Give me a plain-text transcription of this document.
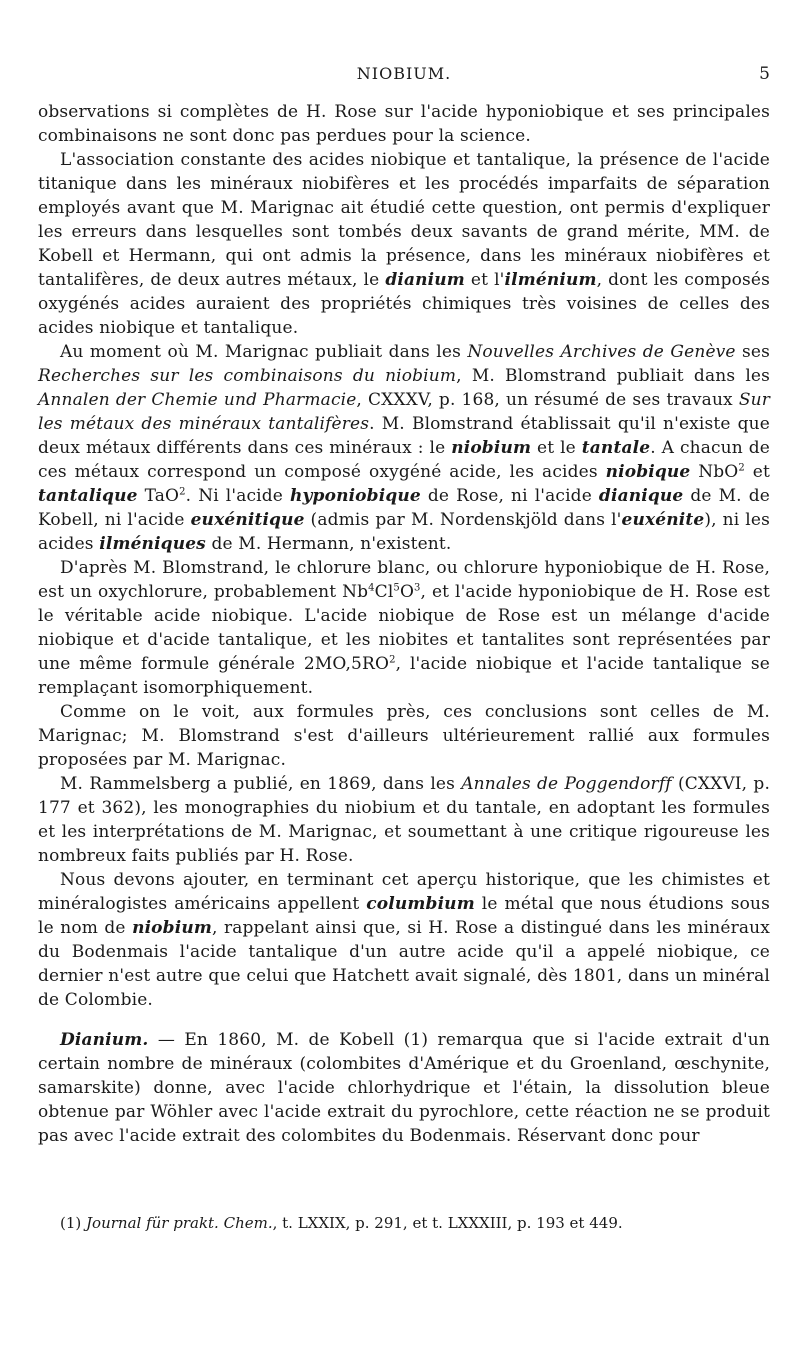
NIOBIUM.	5

observations si complètes de H. Rose sur l'acide hyponiobique et ses principales combinaisons ne sont donc pas perdues pour la science.

L'association constante des acides niobique et tantalique, la présence de l'acide titanique dans les minéraux niobifères et les procédés imparfaits de séparation employés avant que M. Marignac ait étudié cette question, ont permis d'expliquer les erreurs dans lesquelles sont tombés deux savants de grand mérite, MM. de Kobell et Hermann, qui ont admis la présence, dans les minéraux niobifères et tantalifères, de deux autres métaux, le dianium et l'ilménium, dont les composés oxygénés acides auraient des propriétés chimiques très voisines de celles des acides niobique et tantalique.

Au moment où M. Marignac publiait dans les Nouvelles Archives de Genève ses Recherches sur les combinaisons du niobium, M. Blomstrand publiait dans les Annalen der Chemie und Pharmacie, CXXXV, p. 168, un résumé de ses travaux Sur les métaux des minéraux tantalifères. M. Blomstrand établissait qu'il n'existe que deux métaux différents dans ces minéraux : le niobium et le tantale. A chacun de ces métaux correspond un composé oxygéné acide, les acides niobique NbO$^2$ et tantalique TaO$^2$. Ni l'acide hyponiobique de Rose, ni l'acide dianique de M. de Kobell, ni l'acide euxénitique (admis par M. Nordenskjöld dans l'euxénite), ni les acides ilméniques de M. Hermann, n'existent.

D'après M. Blomstrand, le chlorure blanc, ou chlorure hyponiobique de H. Rose, est un oxychlorure, probablement $Nb^4Cl^5O^3$, et l'acide hyponiobique de H. Rose est le véritable acide niobique. L'acide niobique de Rose est un mélange d'acide niobique et d'acide tantalique, et les niobites et tantalites sont représentées par une même formule générale $2MO,5RO^2$, l'acide niobique et l'acide tantalique se remplaçant isomorphiquement.

Comme on le voit, aux formules près, ces conclusions sont celles de M. Marignac; M. Blomstrand s'est d'ailleurs ultérieurement rallié aux formules proposées par M. Marignac.

M. Rammelsberg a publié, en 1869, dans les Annales de Poggendorff (CXXVI, p. 177 et 362), les monographies du niobium et du tantale, en adoptant les formules et les interprétations de M. Marignac, et soumettant à une critique rigoureuse les nombreux faits publiés par H. Rose.

Nous devons ajouter, en terminant cet aperçu historique, que les chimistes et minéralogistes américains appellent columbium le métal que nous étudions sous le nom de niobium, rappelant ainsi que, si H. Rose a distingué dans les minéraux du Bodenmais l'acide tantalique d'un autre acide qu'il a appelé niobique, ce dernier n'est autre que celui que Hatchett avait signalé, dès 1801, dans un minéral de Colombie.

Dianium. — En 1860, M. de Kobell (1) remarqua que si l'acide extrait d'un certain nombre de minéraux (colombites d'Amérique et du Groenland, œschynite, samarskite) donne, avec l'acide chlorhydrique et l'étain, la dissolution bleue obtenue par Wöhler avec l'acide extrait du pyrochlore, cette réaction ne se produit pas avec l'acide extrait des colombites du Bodenmais. Réservant donc pour

(1) Journal für prakt. Chem., t. LXXIX, p. 291, et t. LXXXIII, p. 193 et 449.
